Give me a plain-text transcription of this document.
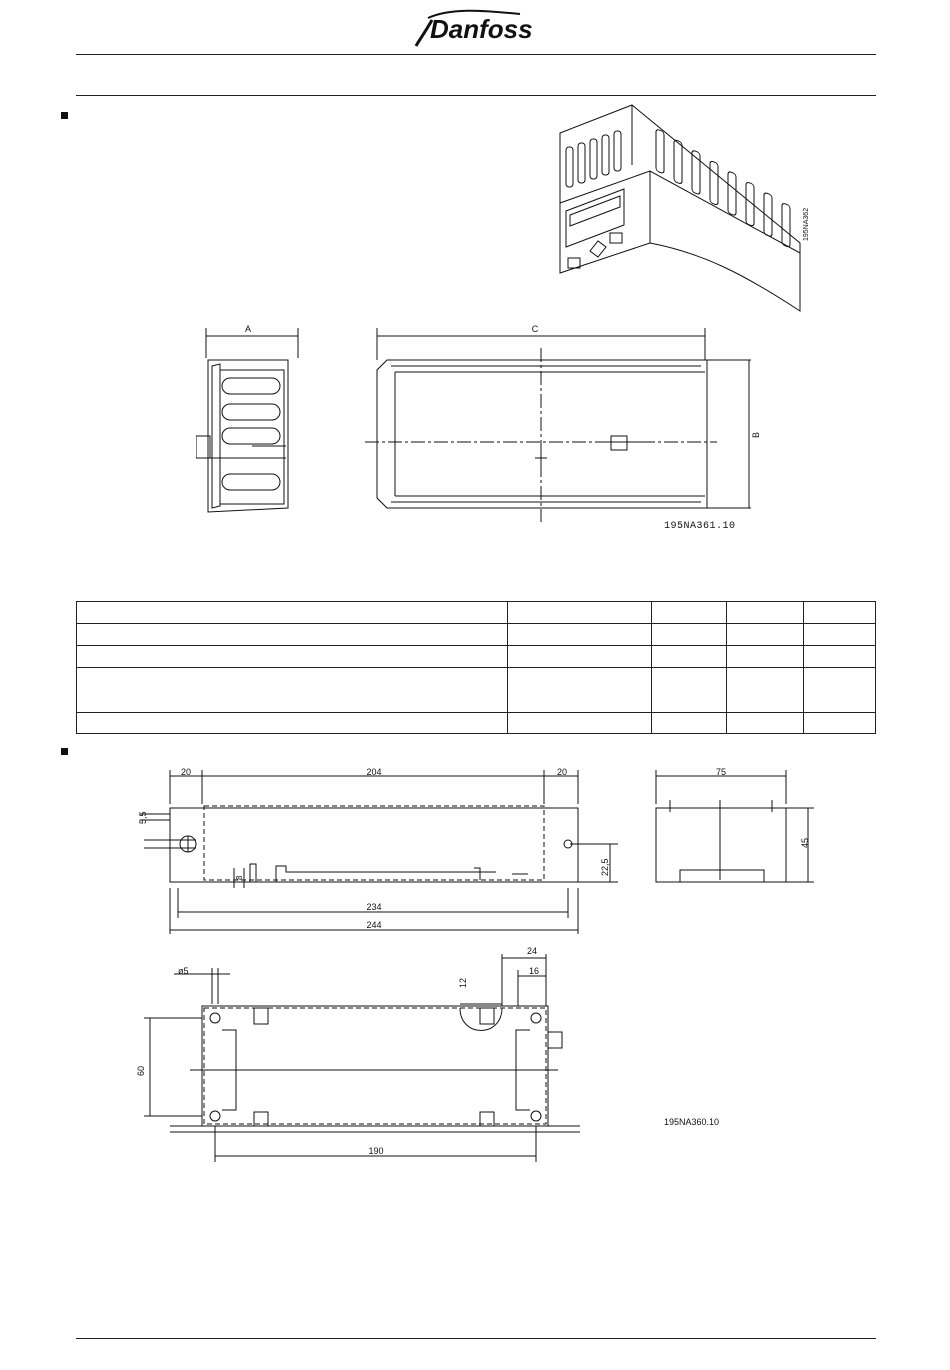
Danfoss
195NA362
A	C
B
195NA361.10

20	204	20
5,5
8
22,5
234
244
75
45
ø5
60
190
12
24
16
195NA360.10
